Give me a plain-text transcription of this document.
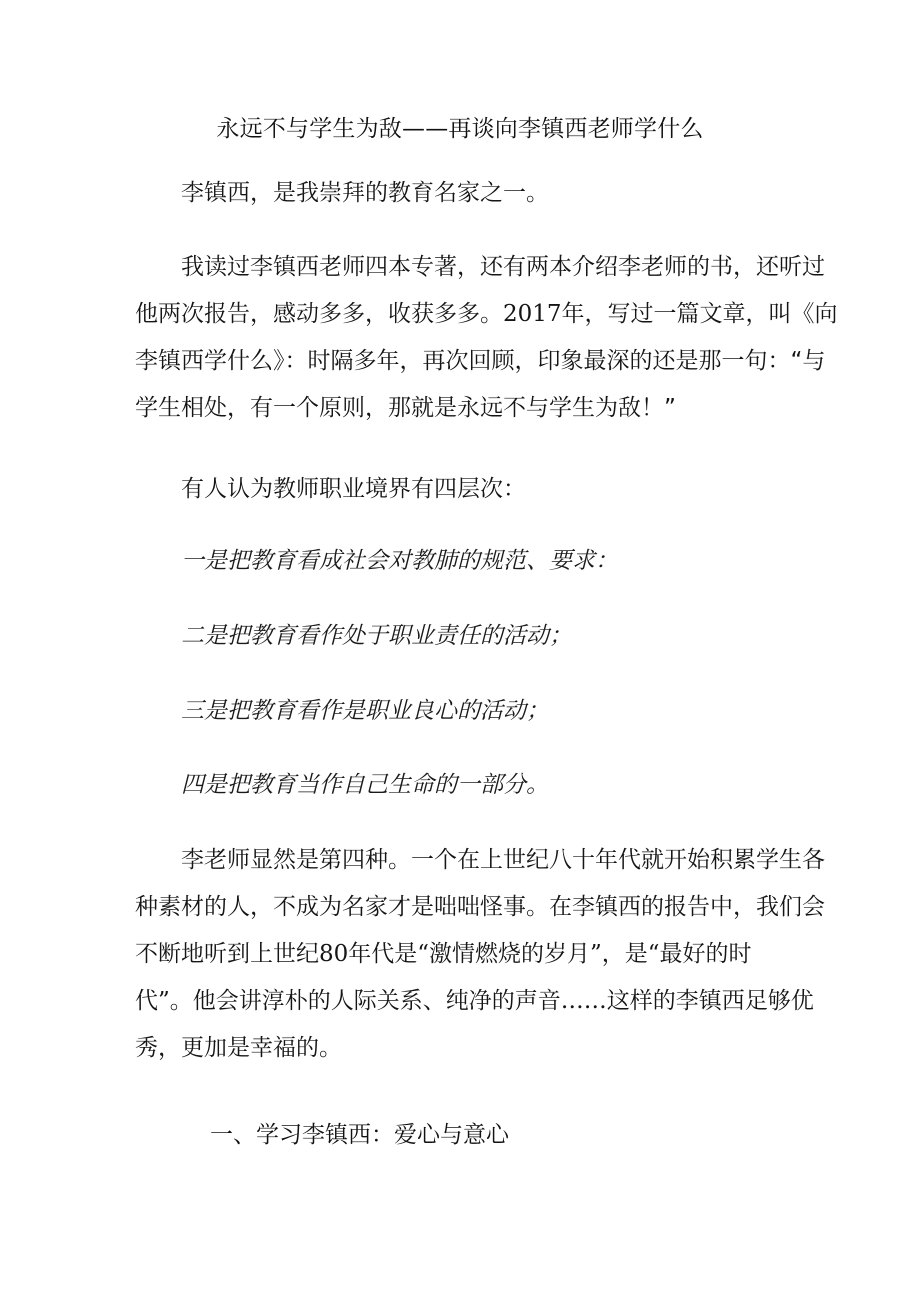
永远不与学生为敌——再谈向李镇西老师学什么

李镇西，是我崇拜的教育名家之一。

我读过李镇西老师四本专著，还有两本介绍李老师的书，还听过
他两次报告，感动多多，收获多多。2017年，写过一篇文章，叫《向
李镇西学什么》：时隔多年，再次回顾，印象最深的还是那一句：“与
学生相处，有一个原则，那就是永远不与学生为敌！”

有人认为教师职业境界有四层次：

一是把教育看成社会对教肺的规范、要求：
二是把教育看作处于职业责任的活动；
三是把教育看作是职业良心的活动；
四是把教育当作自己生命的一部分。
李老师显然是第四种。一个在上世纪八十年代就开始积累学生各
种素材的人，不成为名家才是咄咄怪事。在李镇西的报告中，我们会
不断地听到上世纪80年代是“激情燃烧的岁月”，是“最好的时
代”。他会讲淳朴的人际关系、纯净的声音……这样的李镇西足够优
秀，更加是幸福的。
一、学习李镇西：爱心与意心
